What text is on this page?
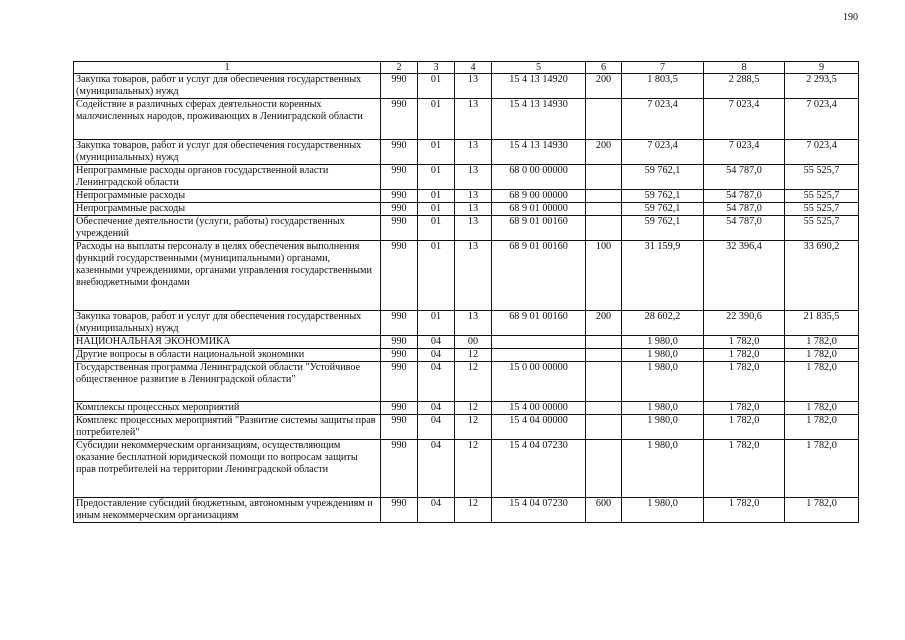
190
1	2	3	4	5	6	7	8	9
Закупка товаров, работ и услуг для обеспечения государственных (муниципальных) нужд	990	01	13	15 4 13 14920	200	1 803,5	2 288,5	2 293,5
Содействие в различных сферах деятельности коренных малочисленных народов, проживающих в Ленинградской области	990	01	13	15 4 13 14930		7 023,4	7 023,4	7 023,4
Закупка товаров, работ и услуг для обеспечения государственных (муниципальных) нужд	990	01	13	15 4 13 14930	200	7 023,4	7 023,4	7 023,4
Непрограммные расходы органов государственной власти Ленинградской области	990	01	13	68 0 00 00000		59 762,1	54 787,0	55 525,7
Непрограммные расходы	990	01	13	68 9 00 00000		59 762,1	54 787,0	55 525,7
Непрограммные расходы	990	01	13	68 9 01 00000		59 762,1	54 787,0	55 525,7
Обеспечение деятельности (услуги, работы) государственных учреждений	990	01	13	68 9 01 00160		59 762,1	54 787,0	55 525,7
Расходы на выплаты персоналу в целях обеспечения выполнения функций государственными (муниципальными) органами, казенными учреждениями, органами управления государственными внебюджетными фондами	990	01	13	68 9 01 00160	100	31 159,9	32 396,4	33 690,2
Закупка товаров, работ и услуг для обеспечения государственных (муниципальных) нужд	990	01	13	68 9 01 00160	200	28 602,2	22 390,6	21 835,5
НАЦИОНАЛЬНАЯ ЭКОНОМИКА	990	04	00			1 980,0	1 782,0	1 782,0
Другие вопросы в области национальной экономики	990	04	12			1 980,0	1 782,0	1 782,0
Государственная программа Ленинградской области "Устойчивое общественное развитие в Ленинградской области"	990	04	12	15 0 00 00000		1 980,0	1 782,0	1 782,0
Комплексы процессных мероприятий	990	04	12	15 4 00 00000		1 980,0	1 782,0	1 782,0
Комплекс процессных мероприятий "Развитие системы защиты прав потребителей"	990	04	12	15 4 04 00000		1 980,0	1 782,0	1 782,0
Субсидии некоммерческим организациям, осуществляющим оказание бесплатной юридической помощи по вопросам защиты прав потребителей на территории Ленинградской области	990	04	12	15 4 04 07230		1 980,0	1 782,0	1 782,0
Предоставление субсидий бюджетным, автономным учреждениям и иным некоммерческим организациям	990	04	12	15 4 04 07230	600	1 980,0	1 782,0	1 782,0
